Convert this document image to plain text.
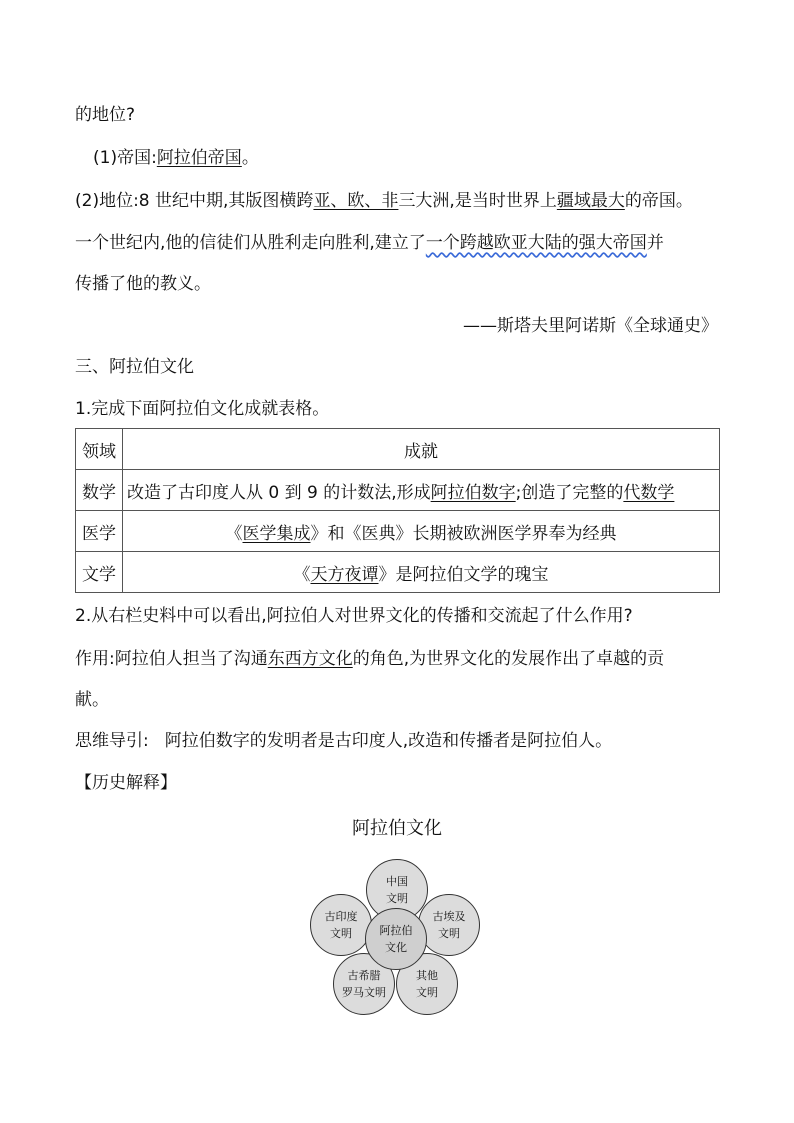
的地位?
(1)帝国:阿拉伯帝国。
(2)地位:8 世纪中期,其版图横跨亚、欧、非三大洲,是当时世界上疆域最大的帝国。
一个世纪内,他的信徒们从胜利走向胜利,建立了一个跨越欧亚大陆的强大帝国并
传播了他的教义。
——斯塔夫里阿诺斯《全球通史》
三、阿拉伯文化
1.完成下面阿拉伯文化成就表格。
领域	成就
数学	改造了古印度人从 0 到 9 的计数法,形成阿拉伯数字;创造了完整的代数学
医学	《医学集成》和《医典》长期被欧洲医学界奉为经典
文学	《天方夜谭》是阿拉伯文学的瑰宝
2.从右栏史料中可以看出,阿拉伯人对世界文化的传播和交流起了什么作用?
作用:阿拉伯人担当了沟通东西方文化的角色,为世界文化的发展作出了卓越的贡
献。
思维导引: 阿拉伯数字的发明者是古印度人,改造和传播者是阿拉伯人。
【历史解释】
阿拉伯文化
中国
文明
古印度
文明
古埃及
文明
古希腊
罗马文明
其他
文明
阿拉伯
文化
